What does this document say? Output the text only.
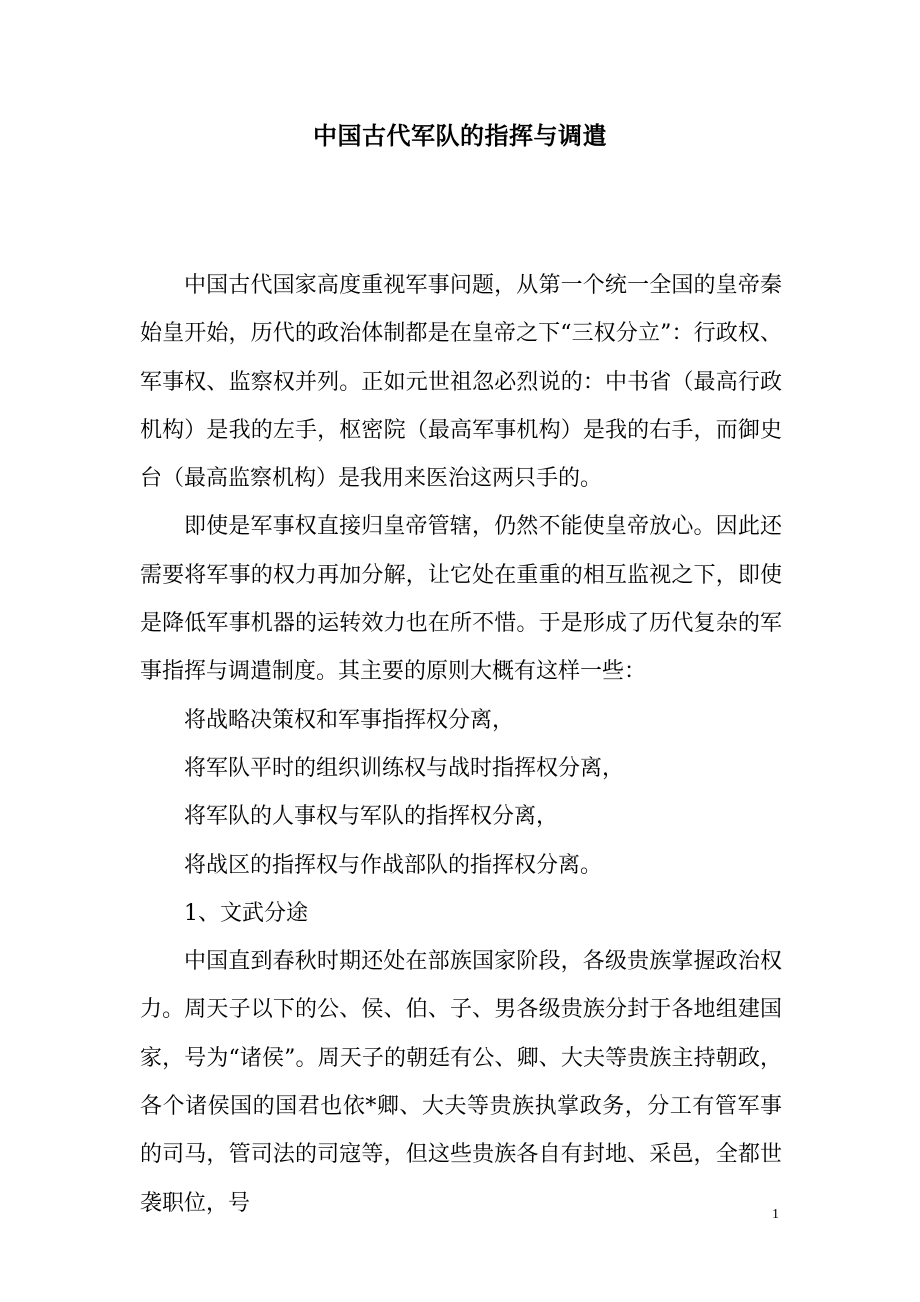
中国古代军队的指挥与调遣

中国古代国家高度重视军事问题，从第一个统一全国的皇帝秦始皇开始，历代的政治体制都是在皇帝之下“三权分立”：行政权、军事权、监察权并列。正如元世祖忽必烈说的：中书省（最高行政机构）是我的左手，枢密院（最高军事机构）是我的右手，而御史台（最高监察机构）是我用来医治这两只手的。

即使是军事权直接归皇帝管辖，仍然不能使皇帝放心。因此还需要将军事的权力再加分解，让它处在重重的相互监视之下，即使是降低军事机器的运转效力也在所不惜。于是形成了历代复杂的军事指挥与调遣制度。其主要的原则大概有这样一些：

将战略决策权和军事指挥权分离，

将军队平时的组织训练权与战时指挥权分离，

将军队的人事权与军队的指挥权分离，

将战区的指挥权与作战部队的指挥权分离。

1、文武分途

中国直到春秋时期还处在部族国家阶段，各级贵族掌握政治权力。周天子以下的公、侯、伯、子、男各级贵族分封于各地组建国家，号为“诸侯”。周天子的朝廷有公、卿、大夫等贵族主持朝政，各个诸侯国的国君也依*卿、大夫等贵族执掌政务，分工有管军事的司马，管司法的司寇等，但这些贵族各自有封地、采邑，全都世袭职位，号	1
